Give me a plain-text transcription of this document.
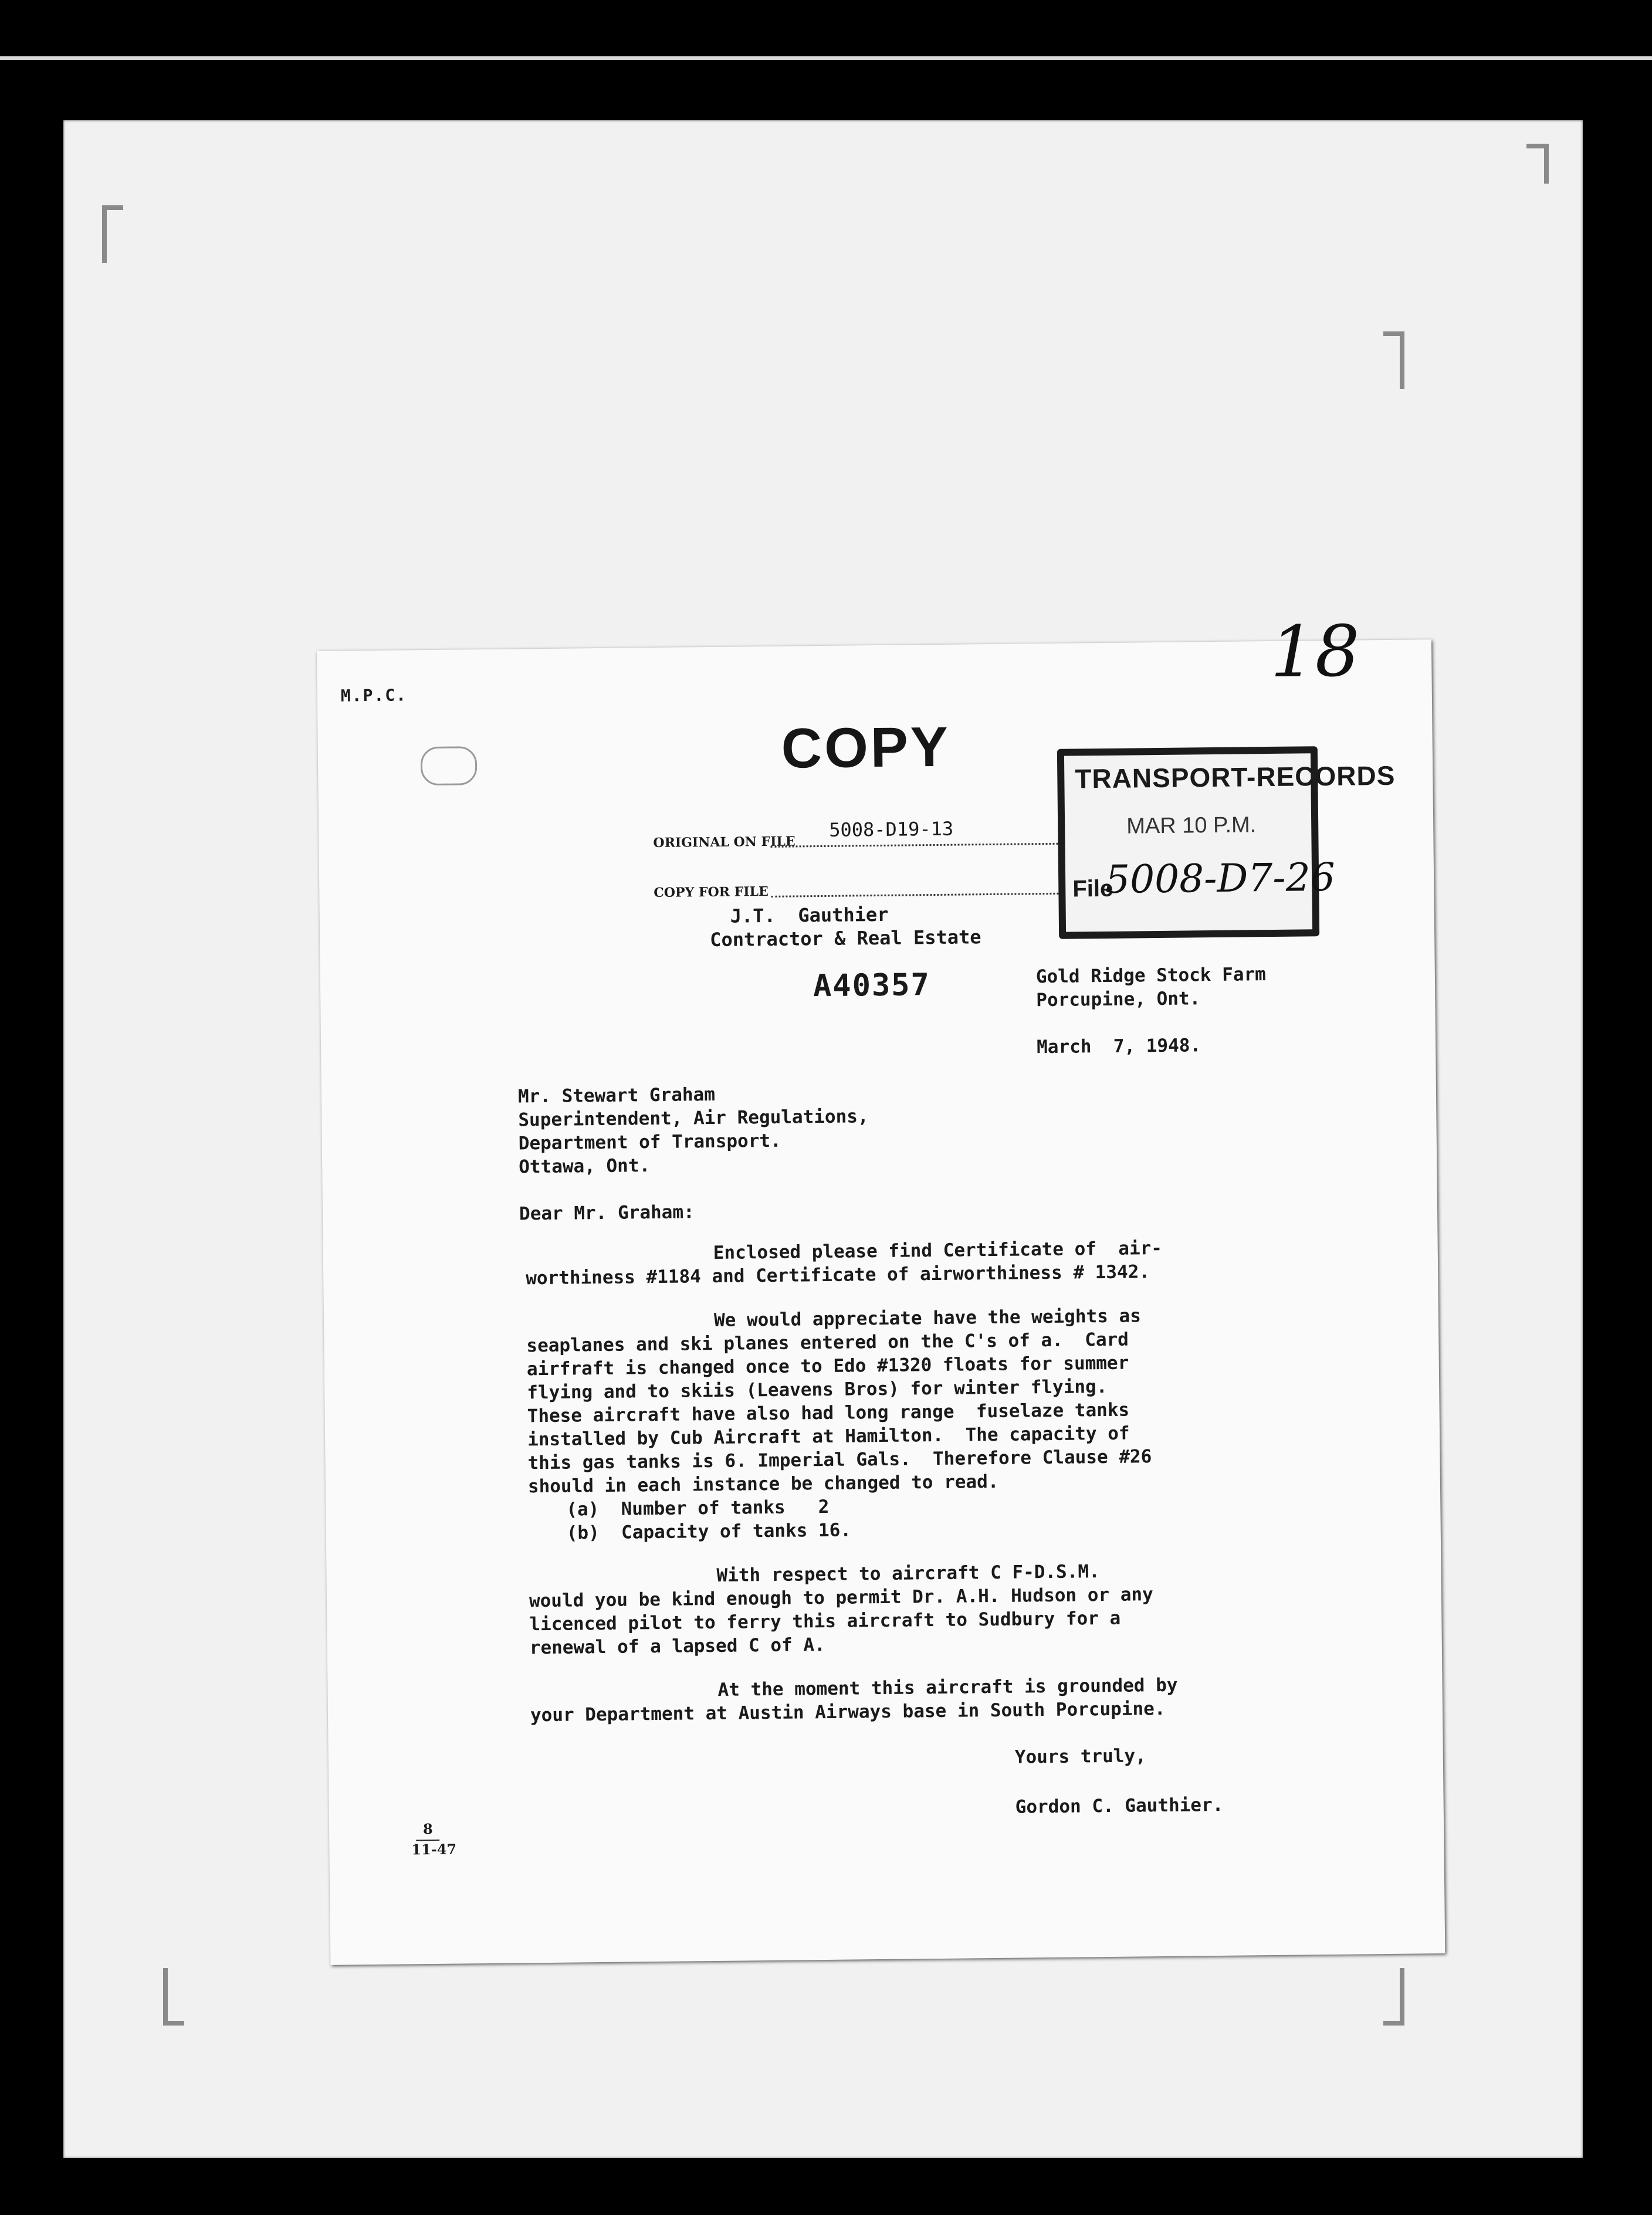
M.P.C.
18
COPY
ORIGINAL ON FILE
5008-D19-13
COPY FOR FILE
TRANSPORT-RECORDS
MAR 10 P.M.
File
5008-D7-26
J.T.  Gauthier
Contractor & Real Estate
A40357	Gold Ridge Stock Farm
Porcupine, Ont.
March  7, 1948.
Mr. Stewart Graham
Superintendent, Air Regulations,
Department of Transport.
Ottawa, Ont.
Dear Mr. Graham:
Enclosed please find Certificate of  air-
worthiness #1184 and Certificate of airworthiness # 1342.
We would appreciate have the weights as
seaplanes and ski planes entered on the C's of a.  Card
airfraft is changed once to Edo #1320 floats for summer
flying and to skiis (Leavens Bros) for winter flying.
These aircraft have also had long range  fuselaze tanks
installed by Cub Aircraft at Hamilton.  The capacity of
this gas tanks is 6. Imperial Gals.  Therefore Clause #26
should in each instance be changed to read.
(a)  Number of tanks   2
(b)  Capacity of tanks 16.
With respect to aircraft C F-D.S.M.
would you be kind enough to permit Dr. A.H. Hudson or any
licenced pilot to ferry this aircraft to Sudbury for a
renewal of a lapsed C of A.
At the moment this aircraft is grounded by
your Department at Austin Airways base in South Porcupine.
Yours truly,
Gordon C. Gauthier.
8
11-47
